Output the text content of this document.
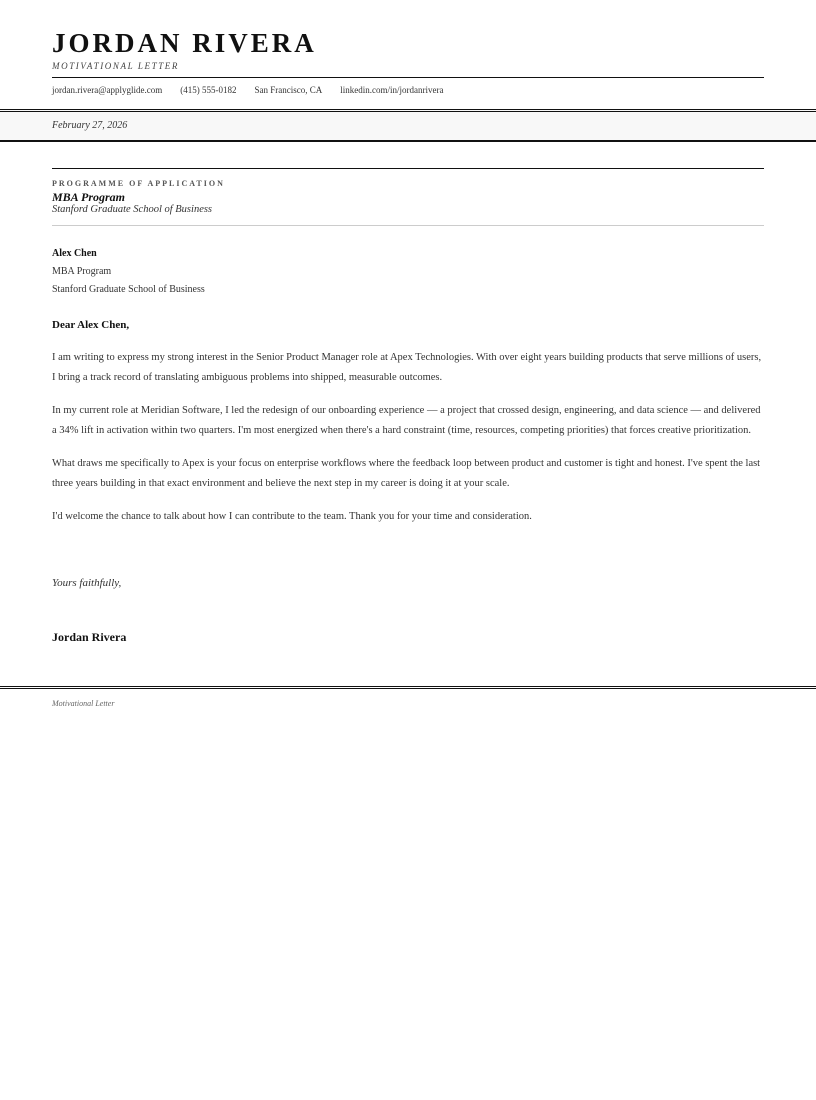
JORDAN RIVERA
MOTIVATIONAL LETTER
jordan.rivera@applyglide.com (415) 555-0182 San Francisco, CA linkedin.com/in/jordanrivera
February 27, 2026
PROGRAMME OF APPLICATION
MBA Program
Stanford Graduate School of Business
Alex Chen
MBA Program
Stanford Graduate School of Business
Dear Alex Chen,

I am writing to express my strong interest in the Senior Product Manager role at Apex Technologies. With over eight years building products that serve millions of users, I bring a track record of translating ambiguous problems into shipped, measurable outcomes.

In my current role at Meridian Software, I led the redesign of our onboarding experience — a project that crossed design, engineering, and data science — and delivered a 34% lift in activation within two quarters. I'm most energized when there's a hard constraint (time, resources, competing priorities) that forces creative prioritization.

What draws me specifically to Apex is your focus on enterprise workflows where the feedback loop between product and customer is tight and honest. I've spent the last three years building in that exact environment and believe the next step in my career is doing it at your scale.

I'd welcome the chance to talk about how I can contribute to the team. Thank you for your time and consideration.

Yours faithfully,
Jordan Rivera
Motivational Letter
